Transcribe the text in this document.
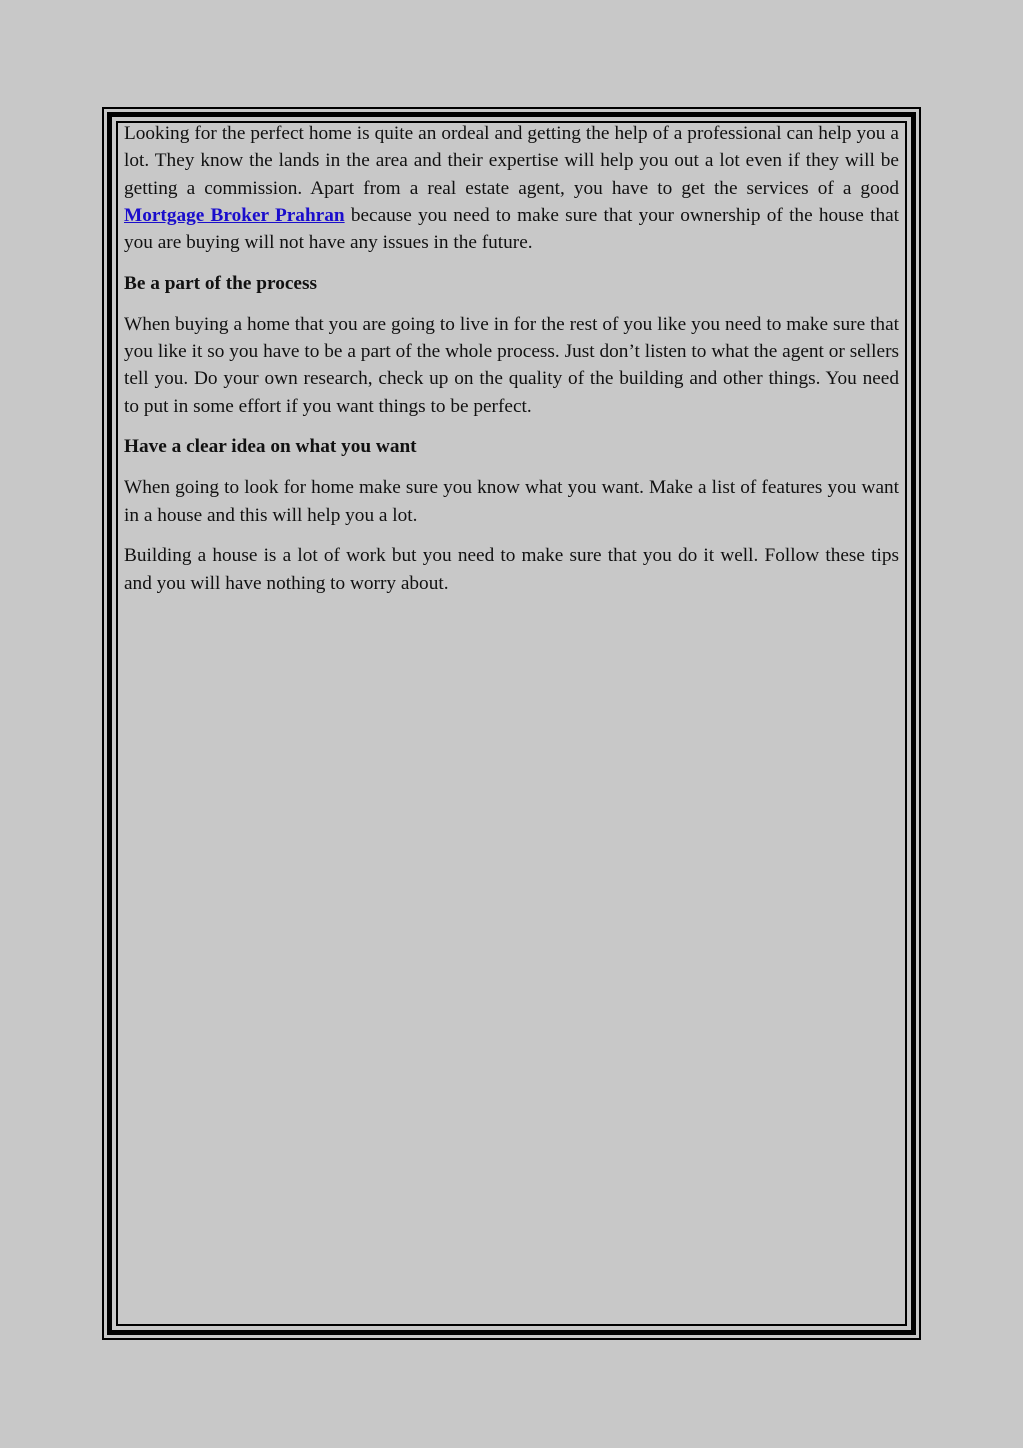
Looking for the perfect home is quite an ordeal and getting the help of a professional can help you a lot. They know the lands in the area and their expertise will help you out a lot even if they will be getting a commission. Apart from a real estate agent, you have to get the services of a good Mortgage Broker Prahran because you need to make sure that your ownership of the house that you are buying will not have any issues in the future.

Be a part of the process

When buying a home that you are going to live in for the rest of you like you need to make sure that you like it so you have to be a part of the whole process. Just don’t listen to what the agent or sellers tell you. Do your own research, check up on the quality of the building and other things. You need to put in some effort if you want things to be perfect.

Have a clear idea on what you want

When going to look for home make sure you know what you want. Make a list of features you want in a house and this will help you a lot.

Building a house is a lot of work but you need to make sure that you do it well. Follow these tips and you will have nothing to worry about.
